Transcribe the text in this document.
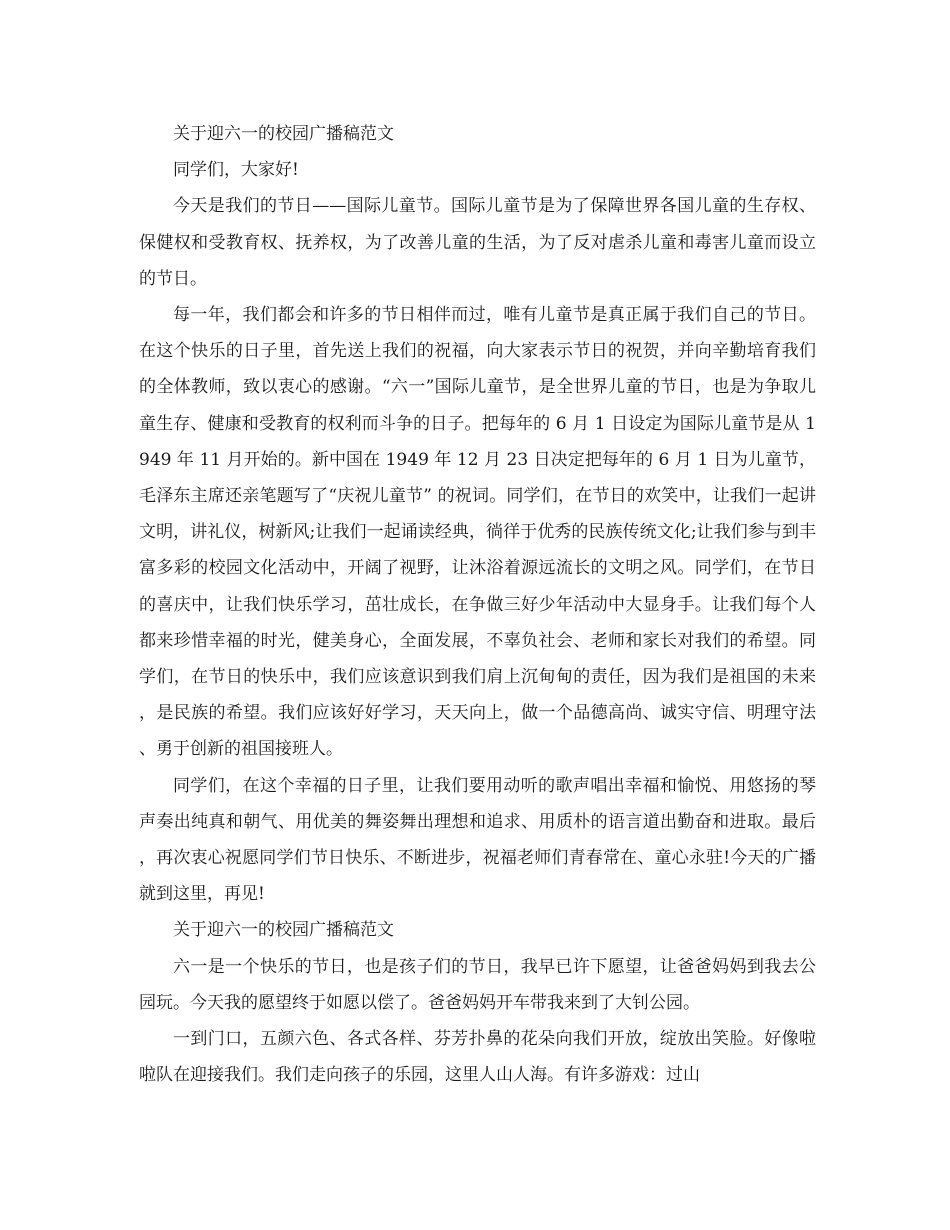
关于迎六一的校园广播稿范文

同学们，大家好!

今天是我们的节日——国际儿童节。国际儿童节是为了保障世界各国儿童的生存权、保健权和受教育权、抚养权，为了改善儿童的生活，为了反对虐杀儿童和毒害儿童而设立的节日。

每一年，我们都会和许多的节日相伴而过，唯有儿童节是真正属于我们自己的节日。在这个快乐的日子里，首先送上我们的祝福，向大家表示节日的祝贺，并向辛勤培育我们的全体教师，致以衷心的感谢。“六一”国际儿童节，是全世界儿童的节日，也是为争取儿童生存、健康和受教育的权利而斗争的日子。把每年的 6 月 1 日设定为国际儿童节是从 1949 年 11 月开始的。新中国在 1949 年 12 月 23 日决定把每年的 6 月 1 日为儿童节，毛泽东主席还亲笔题写了“庆祝儿童节” 的祝词。同学们，在节日的欢笑中，让我们一起讲文明，讲礼仪，树新风;让我们一起诵读经典，徜徉于优秀的民族传统文化;让我们参与到丰富多彩的校园文化活动中，开阔了视野，让沐浴着源远流长的文明之风。同学们，在节日的喜庆中，让我们快乐学习，茁壮成长，在争做三好少年活动中大显身手。让我们每个人都来珍惜幸福的时光，健美身心，全面发展，不辜负社会、老师和家长对我们的希望。同学们，在节日的快乐中，我们应该意识到我们肩上沉甸甸的责任，因为我们是祖国的未来，是民族的希望。我们应该好好学习，天天向上，做一个品德高尚、诚实守信、明理守法、勇于创新的祖国接班人。

同学们，在这个幸福的日子里，让我们要用动听的歌声唱出幸福和愉悦、用悠扬的琴声奏出纯真和朝气、用优美的舞姿舞出理想和追求、用质朴的语言道出勤奋和进取。最后，再次衷心祝愿同学们节日快乐、不断进步，祝福老师们青春常在、童心永驻!今天的广播就到这里，再见!

关于迎六一的校园广播稿范文

六一是一个快乐的节日，也是孩子们的节日，我早已许下愿望，让爸爸妈妈到我去公园玩。今天我的愿望终于如愿以偿了。爸爸妈妈开车带我来到了大钊公园。

一到门口，五颜六色、各式各样、芬芳扑鼻的花朵向我们开放，绽放出笑脸。好像啦啦队在迎接我们。我们走向孩子的乐园，这里人山人海。有许多游戏：过山
